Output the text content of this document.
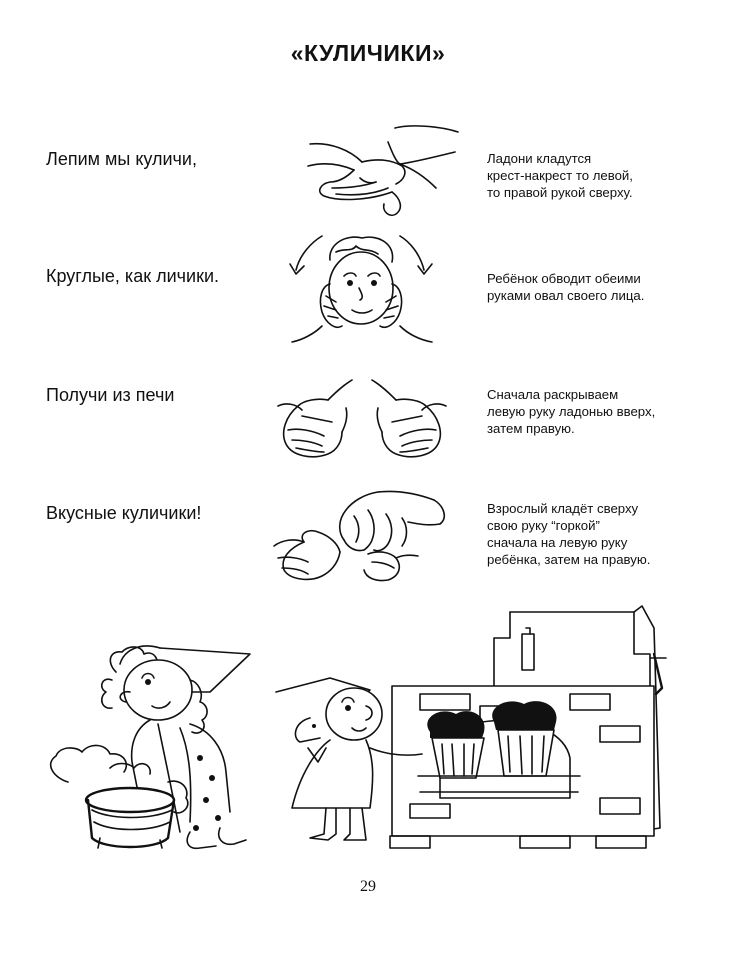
«КУЛИЧИКИ»
Лепим мы куличи,	Ладони кладутся
крест-накрест то левой,
то правой рукой сверху.
Круглые, как личики.	Ребёнок обводит обеими
руками овал своего лица.
Получи из печи	Сначала раскрываем
левую руку ладонью вверх,
затем правую.
Вкусные куличики!	Взрослый кладёт сверху
свою руку “горкой”
сначала на левую руку
ребёнка, затем на правую.
29
